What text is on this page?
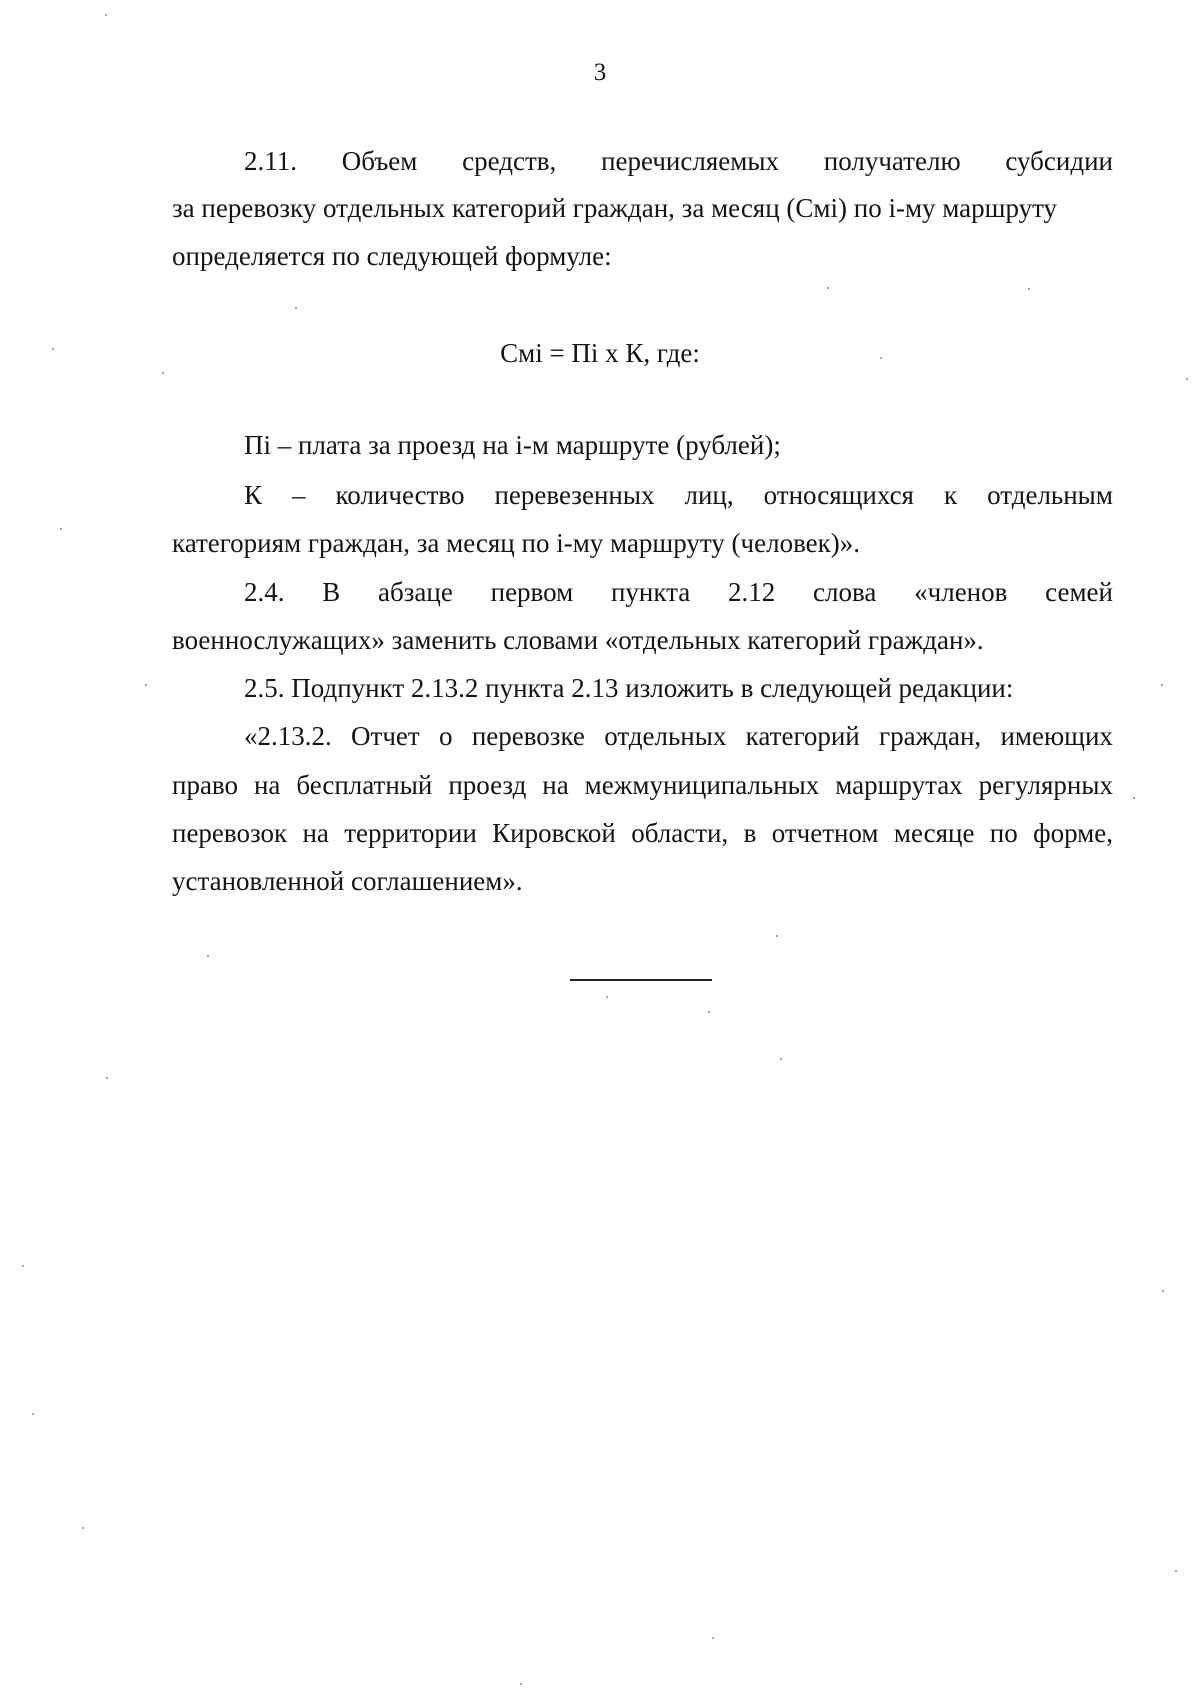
3
2.11. Объем средств, перечисляемых получателю субсидии
за перевозку отдельных категорий граждан, за месяц (Смi) по i-му маршруту
определяется по следующей формуле:
Смi = Пi х К, где:
Пi – плата за проезд на i-м маршруте (рублей);
К – количество перевезенных лиц, относящихся к отдельным
категориям граждан, за месяц по i-му маршруту (человек)».
2.4. В абзаце первом пункта 2.12 слова «членов семей
военнослужащих» заменить словами «отдельных категорий граждан».
2.5. Подпункт 2.13.2 пункта 2.13 изложить в следующей редакции:
«2.13.2. Отчет о перевозке отдельных категорий граждан, имеющих
право на бесплатный проезд на межмуниципальных маршрутах регулярных
перевозок на территории Кировской области, в отчетном месяце по форме,
установленной соглашением».
